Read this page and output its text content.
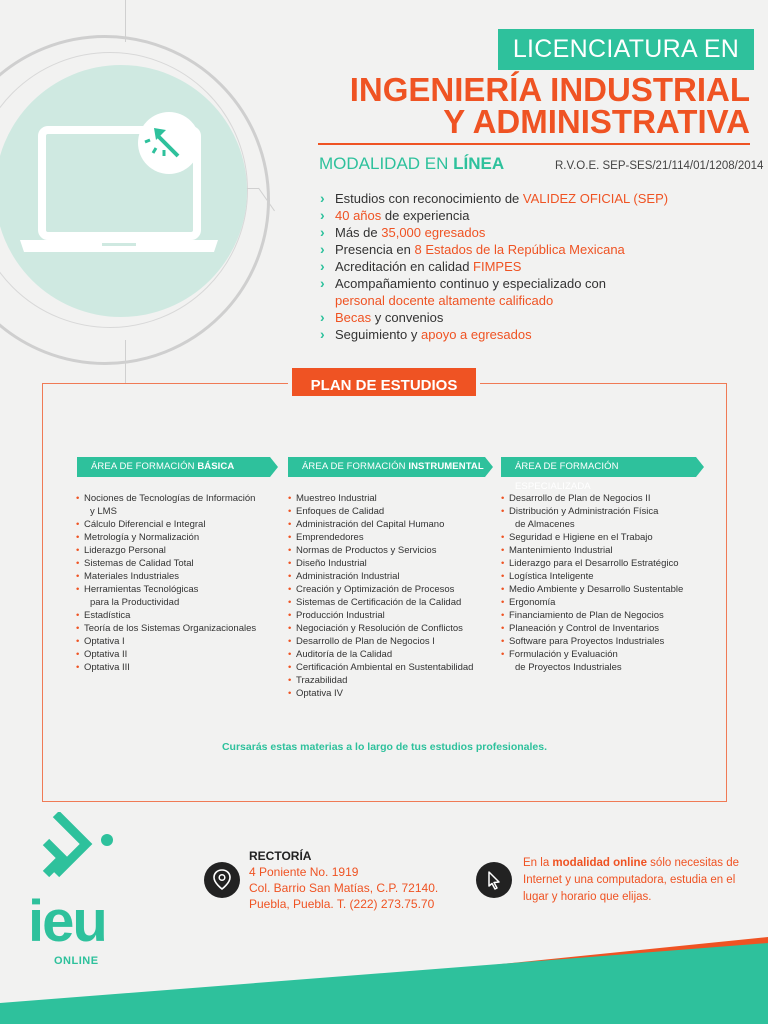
LICENCIATURA EN
INGENIERÍA INDUSTRIAL
Y ADMINISTRATIVA
MODALIDAD EN LÍNEA	R.V.O.E. SEP-SES/21/114/01/1208/2014
› Estudios con reconocimiento de VALIDEZ OFICIAL (SEP)
› 40 años de experiencia
› Más de 35,000 egresados
› Presencia en 8 Estados de la República Mexicana
› Acreditación en calidad FIMPES
› Acompañamiento continuo y especializado con
personal docente altamente calificado
› Becas y convenios
› Seguimiento y apoyo a egresados
PLAN DE ESTUDIOS
ÁREA DE FORMACIÓN BÁSICA	ÁREA DE FORMACIÓN INSTRUMENTAL	ÁREA DE FORMACIÓN ESPECIALIZADA
• Nociones de Tecnologías de Información
y LMS
• Cálculo Diferencial e Integral
• Metrología y Normalización
• Liderazgo Personal
• Sistemas de Calidad Total
• Materiales Industriales
• Herramientas Tecnológicas
para la Productividad
• Estadística
• Teoría de los Sistemas Organizacionales
• Optativa I
• Optativa II
• Optativa III
• Muestreo Industrial
• Enfoques de Calidad
• Administración del Capital Humano
• Emprendedores
• Normas de Productos y Servicios
• Diseño Industrial
• Administración Industrial
• Creación y Optimización de Procesos
• Sistemas de Certificación de la Calidad
• Producción Industrial
• Negociación y Resolución de Conflictos
• Desarrollo de Plan de Negocios I
• Auditoría de la Calidad
• Certificación Ambiental en Sustentabilidad
• Trazabilidad
• Optativa IV
• Desarrollo de Plan de Negocios II
• Distribución y Administración Física
de Almacenes
• Seguridad e Higiene en el Trabajo
• Mantenimiento Industrial
• Liderazgo para el Desarrollo Estratégico
• Logística Inteligente
• Medio Ambiente y Desarrollo Sustentable
• Ergonomía
• Financiamiento de Plan de Negocios
• Planeación y Control de Inventarios
• Software para Proyectos Industriales
• Formulación y Evaluación
de Proyectos Industriales
Cursarás estas materias a lo largo de tus estudios profesionales.
ieu
ONLINE
RECTORÍA
4 Poniente No. 1919
Col. Barrio San Matías, C.P. 72140.
Puebla, Puebla. T. (222) 273.75.70
En la modalidad online sólo necesitas de Internet y una computadora, estudia en el lugar y horario que elijas.
